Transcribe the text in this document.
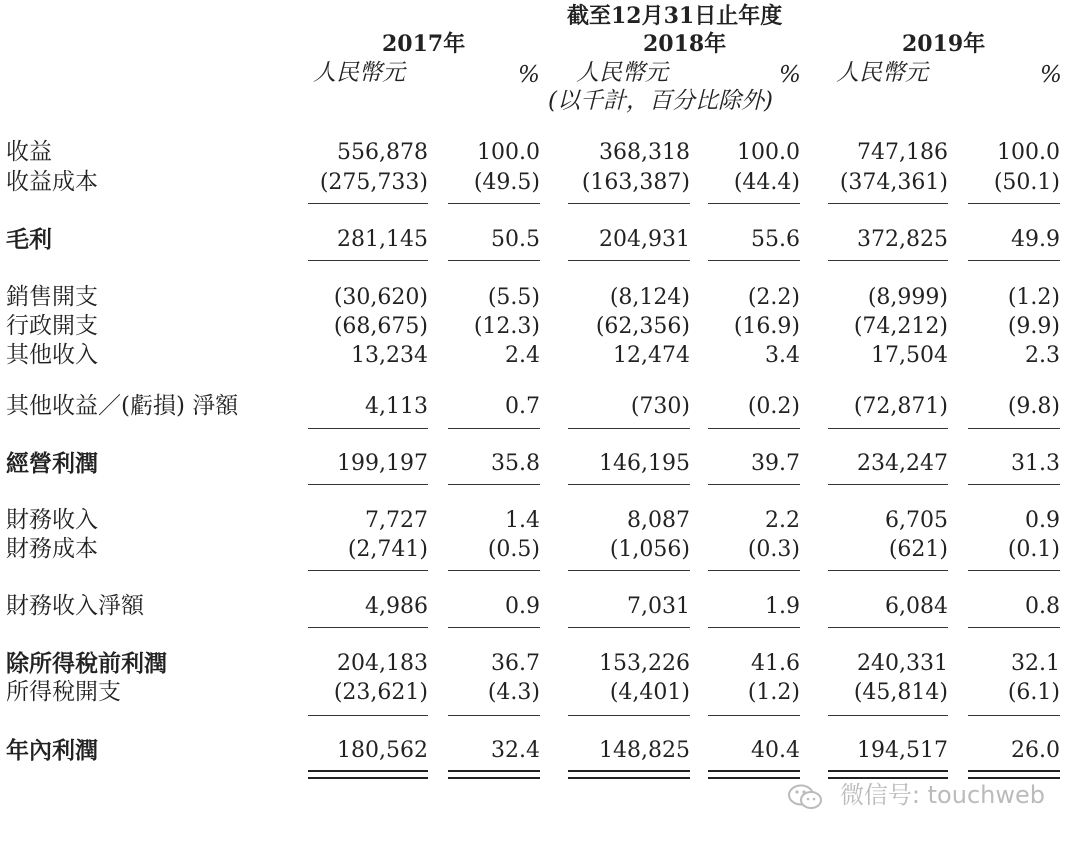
截至12月31日止年度
2017年	2018年	2019年
人民幣元	% 人民幣元	% 人民幣元	%
(以千計，百分比除外)
收益	556,878 100.0	368,318 100.0	747,186 100.0
收益成本	(275,733) (49.5) (163,387) (44.4) (374,361) (50.1)
毛利	281,145	50.5	204,931	55.6	372,825	49.9
銷售開支	(30,620)	(5.5)	(8,124)	(2.2)	(8,999)	(1.2)
行政開支	(68,675) (12.3)	(62,356) (16.9) (74,212)	(9.9)
其他收入	13,234	2.4	12,474	3.4	17,504	2.3
其他收益／(虧損) 淨額	4,113	0.7	(730)	(0.2) (72,871)	(9.8)
經營利潤	199,197	35.8	146,195	39.7	234,247	31.3
財務收入	7,727	1.4	8,087	2.2	6,705	0.9
財務成本	(2,741)	(0.5)	(1,056)	(0.3)	(621)	(0.1)
財務收入淨額	4,986	0.9	7,031	1.9	6,084	0.8
除所得稅前利潤	204,183	36.7	153,226	41.6	240,331	32.1
所得稅開支	(23,621)	(4.3)	(4,401)	(1.2) (45,814)	(6.1)
年內利潤	180,562	32.4	148,825	40.4	194,517	26.0
微信号: touchweb
